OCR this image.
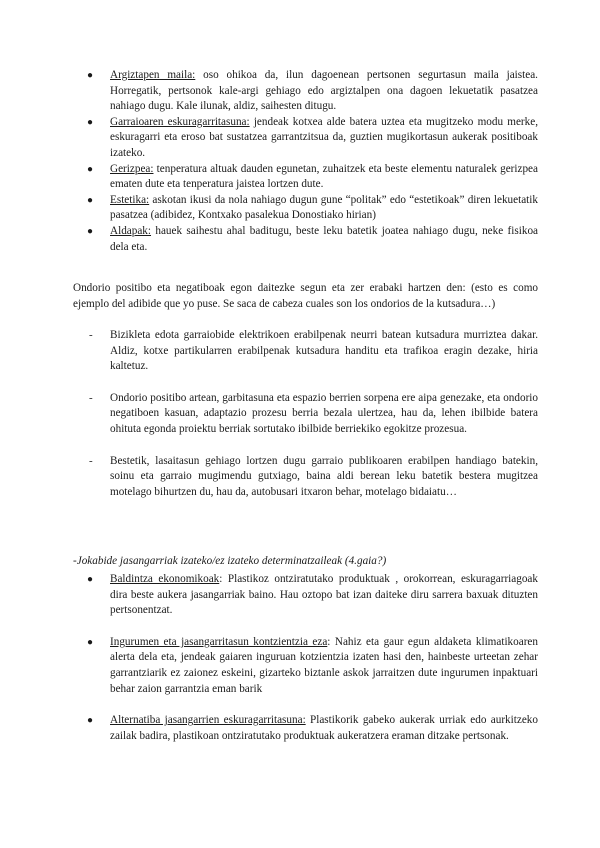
● Argiztapen maila: oso ohikoa da, ilun dagoenean pertsonen segurtasun maila jaistea. Horregatik, pertsonok kale-argi gehiago edo argiztalpen ona dagoen lekuetatik pasatzea nahiago dugu. Kale ilunak, aldiz, saihesten ditugu.
● Garraioaren eskuragarritasuna: jendeak kotxea alde batera uztea eta mugitzeko modu merke, eskuragarri eta eroso bat sustatzea garrantzitsua da, guztien mugikortasun aukerak positiboak izateko.
● Gerizpea: tenperatura altuak dauden egunetan, zuhaitzek eta beste elementu naturalek gerizpea ematen dute eta tenperatura jaistea lortzen dute.
● Estetika: askotan ikusi da nola nahiago dugun gune “politak” edo “estetikoak” diren lekuetatik pasatzea (adibidez, Kontxako pasalekua Donostiako hirian)
● Aldapak: hauek saihestu ahal baditugu, beste leku batetik joatea nahiago dugu, neke fisikoa dela eta.
Ondorio positibo eta negatiboak egon daitezke segun eta zer erabaki hartzen den: (esto es como ejemplo del adibide que yo puse. Se saca de cabeza cuales son los ondorios de la kutsadura…)
- Bizikleta edota garraiobide elektrikoen erabilpenak neurri batean kutsadura murriztea dakar. Aldiz, kotxe partikularren erabilpenak kutsadura handitu eta trafikoa eragin dezake, hiria kaltetuz.
- Ondorio positibo artean, garbitasuna eta espazio berrien sorpena ere aipa genezake, eta ondorio negatiboen kasuan, adaptazio prozesu berria bezala ulertzea, hau da, lehen ibilbide batera ohituta egonda proiektu berriak sortutako ibilbide berriekiko egokitze prozesua.
- Bestetik, lasaitasun gehiago lortzen dugu garraio publikoaren erabilpen handiago batekin, soinu eta garraio mugimendu gutxiago, baina aldi berean leku batetik bestera mugitzea motelago bihurtzen du, hau da, autobusari itxaron behar, motelago bidaiatu…
-Jokabide jasangarriak izateko/ez izateko determinatzaileak (4.gaia?)
● Baldintza ekonomikoak: Plastikoz ontziratutako produktuak , orokorrean, eskuragarriagoak dira beste aukera jasangarriak baino. Hau oztopo bat izan daiteke diru sarrera baxuak dituzten pertsonentzat.
● Ingurumen eta jasangarritasun kontzientzia eza: Nahiz eta gaur egun aldaketa klimatikoaren alerta dela eta, jendeak gaiaren inguruan kotzientzia izaten hasi den, hainbeste urteetan zehar garrantziarik ez zaionez eskeini, gizarteko biztanle askok jarraitzen dute ingurumen inpaktuari behar zaion garrantzia eman barik
● Alternatiba jasangarrien eskuragarritasuna: Plastikorik gabeko aukerak urriak edo aurkitzeko zailak badira, plastikoan ontziratutako produktuak aukeratzera eraman ditzake pertsonak.
